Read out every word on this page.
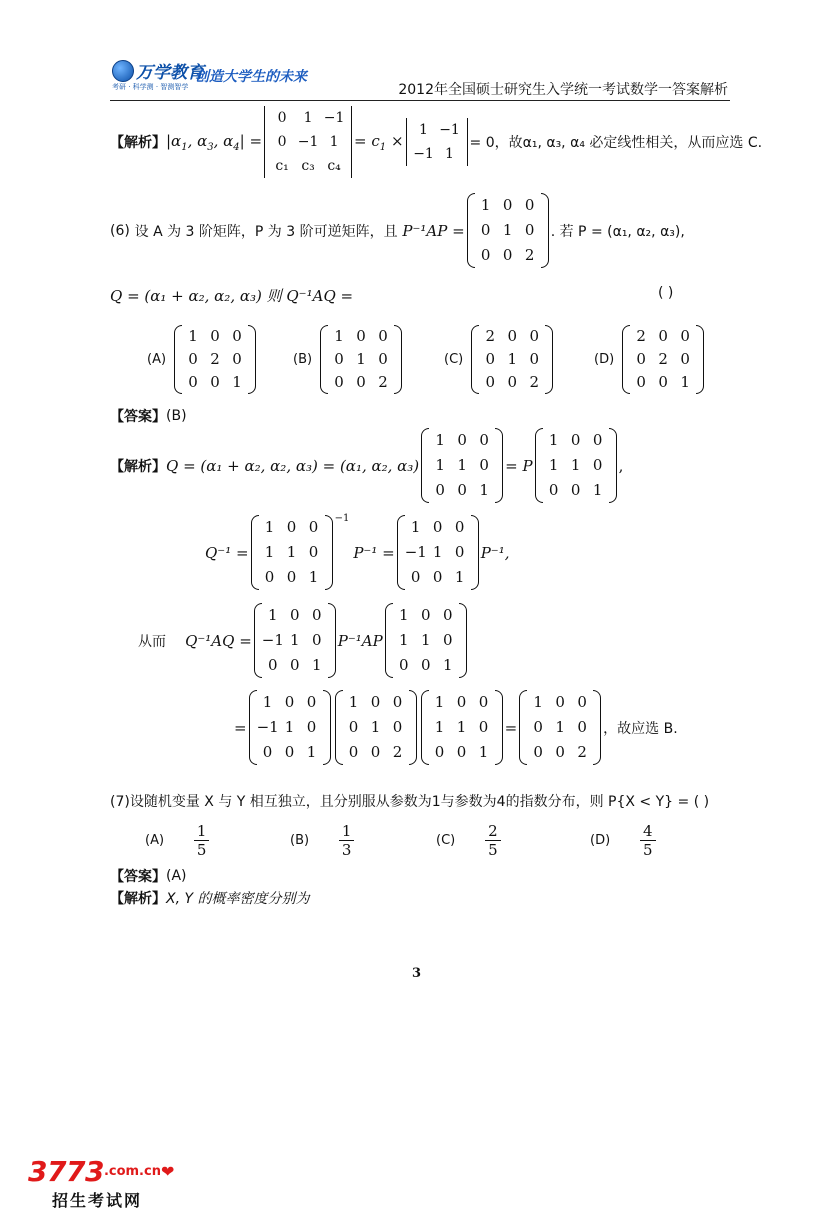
万学教育
考研 · 科学测 · 智测智学
创造大学生的未来
2012年全国硕士研究生入学统一考试数学一答案解析
【解析】 $|\alpha_1$, $\alpha_3$, $\alpha_4|$ =
0	1 −1
0 −1 1
c₁ c₃ c₄
= $c_1$ ×
1 −1
−1 1
= 0，故α₁, α₃, α₄ 必定线性相关，从而应选 C.
(6)
设 A 为 3 阶矩阵，P 为 3 阶可逆矩阵，且
P⁻¹AP =
1 0 0
0 1 0
0 0 2
. 若 P = (α₁, α₂, α₃),
Q = (α₁ + α₂, α₂, α₃) 则 Q⁻¹AQ =	( )
(A)
1 0 0
0 2 0
0 0 1
(B)
1 0 0
0 1 0
0 0 2
(C)
2 0 0
0 1 0
0 0 2
(D)
2 0 0
0 2 0
0 0 1
【答案】 (B)
【解析】 Q = (α₁ + α₂, α₂, α₃) = (α₁, α₂, α₃)
1 0 0
1 1 0
0 0 1
= P
1 0 0
1 1 0
0 0 1
,
Q⁻¹ =
1 0 0
1 1 0
0 0 1
$^{-1}$
P⁻¹ =
1 0 0
−1 1 0
0 0 1
P⁻¹,
从而
Q⁻¹AQ =
1 0 0
−1 1 0
0 0 1
P⁻¹AP
1 0 0
1 1 0
0 0 1
=
1 0 0
−1 1 0
0 0 1
1 0 0
0 1 0
0 0 2
1 0 0
1 1 0
0 0 1
=
1 0 0
0 1 0
0 0 2
，故应选 B.
(7)设随机变量 X 与 Y 相互独立，且分别服从参数为1与参数为4的指数分布，则 P{X < Y} = ( )
(A)
$\frac{1}{5}$	(B)
$\frac{1}{3}$	(C)
$\frac{2}{5}$	(D)
$\frac{4}{5}$
【答案】 (A)
【解析】 X, Y 的概率密度分别为
3
3773 .com.cn ❤
招生考试网
